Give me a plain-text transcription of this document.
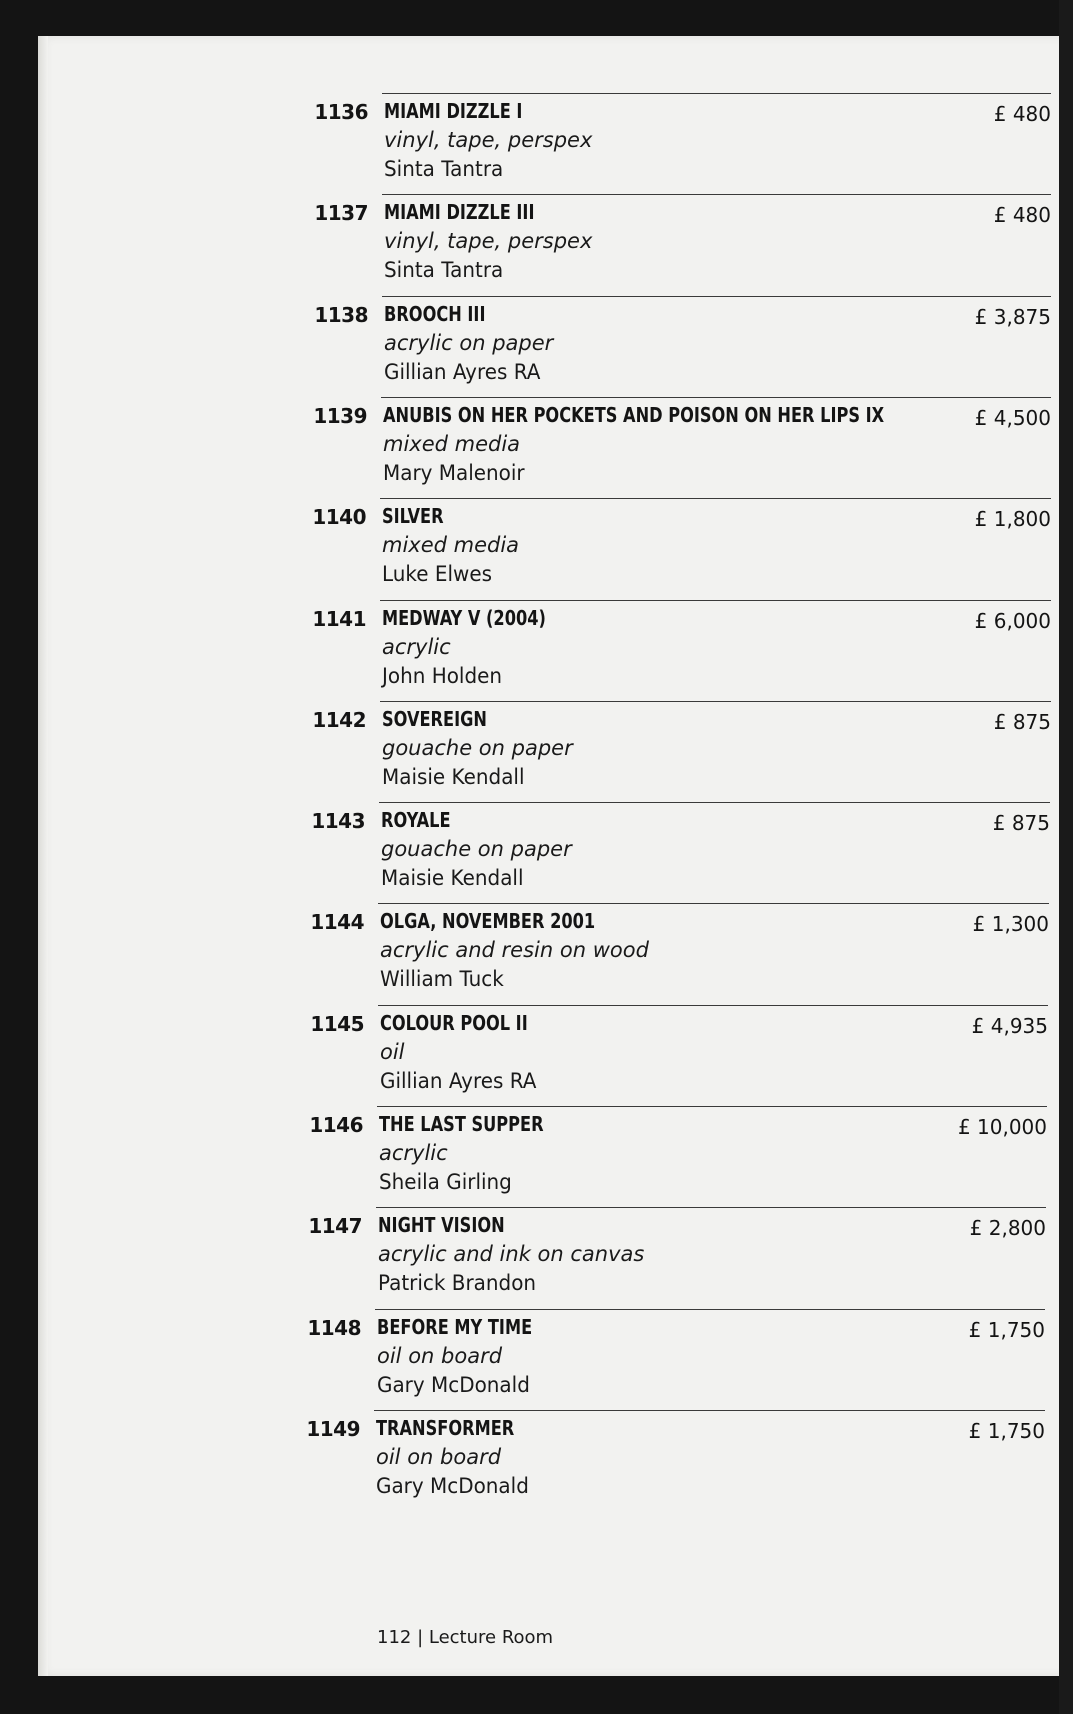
1136 MIAMI DIZZLE I
vinyl, tape, perspex
Sinta Tantra
£ 480
1137 MIAMI DIZZLE III
vinyl, tape, perspex
Sinta Tantra
£ 480
1138 BROOCH III
acrylic on paper
Gillian Ayres RA
£ 3,875
1139 ANUBIS ON HER POCKETS AND POISON ON HER LIPS IX
mixed media
Mary Malenoir
£ 4,500
1140 SILVER
mixed media
Luke Elwes
£ 1,800
1141 MEDWAY V (2004)
acrylic
John Holden
£ 6,000
1142 SOVEREIGN
gouache on paper
Maisie Kendall
£ 875
1143 ROYALE
gouache on paper
Maisie Kendall
£ 875
1144 OLGA, NOVEMBER 2001
acrylic and resin on wood
William Tuck
£ 1,300
1145 COLOUR POOL II
oil
Gillian Ayres RA
£ 4,935
1146 THE LAST SUPPER
acrylic
Sheila Girling
£ 10,000
1147 NIGHT VISION
acrylic and ink on canvas
Patrick Brandon
£ 2,800
1148 BEFORE MY TIME
oil on board
Gary McDonald
£ 1,750
1149 TRANSFORMER
oil on board
Gary McDonald
£ 1,750
112 | Lecture Room
